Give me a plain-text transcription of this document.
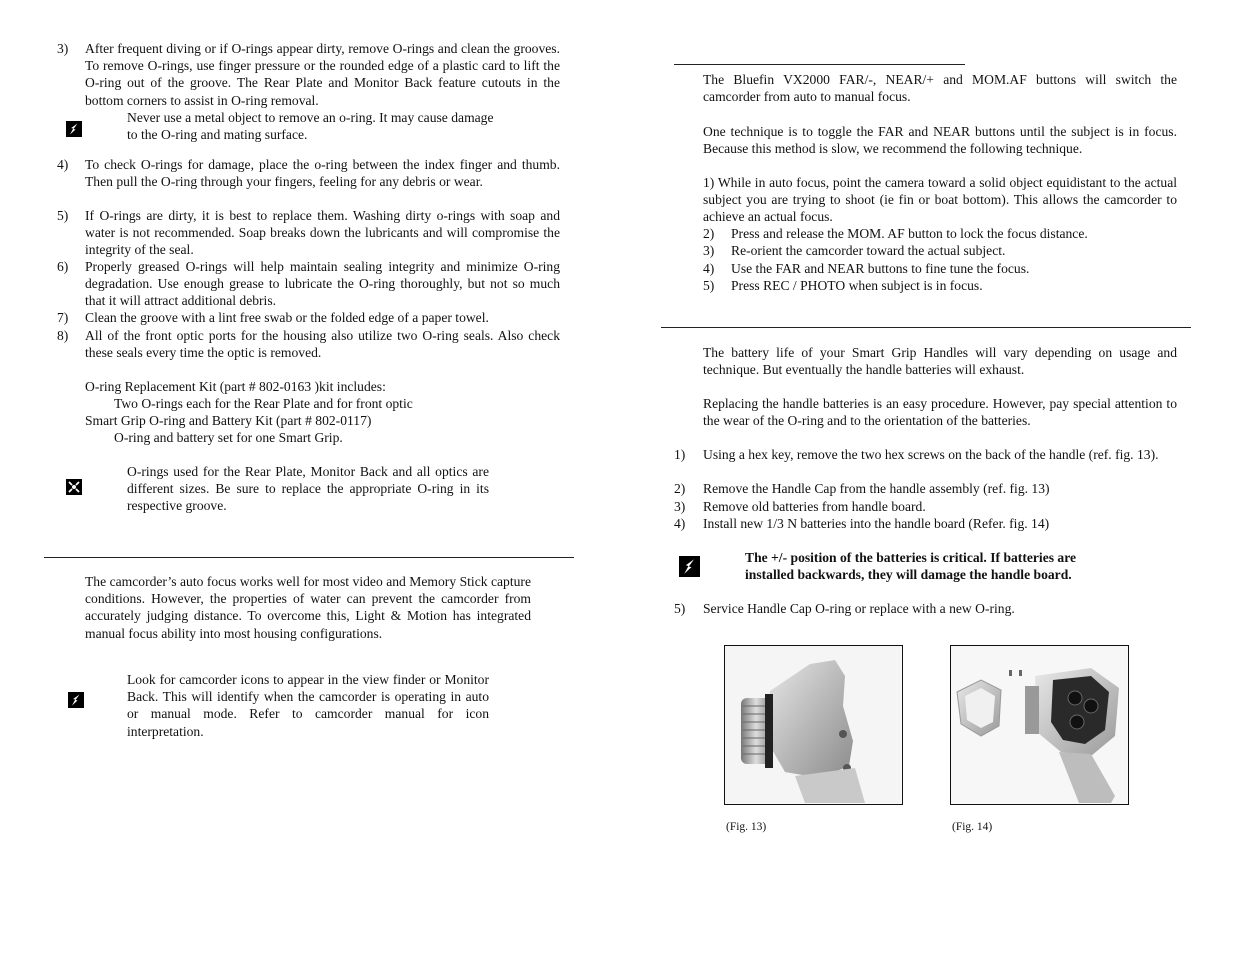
3) After frequent diving or if O-rings appear dirty, remove O-rings and clean the grooves. To remove O-rings, use finger pressure or the rounded edge of a plastic card to lift the O-ring out of the groove. The Rear Plate and Monitor Back feature cutouts in the bottom corners to assist in O-ring removal.
Never use a metal object to remove an o-ring. It may cause damage to the O-ring and mating surface.
4) To check O-rings for damage, place the o-ring between the index finger and thumb. Then pull the O-ring through your fingers, feeling for any debris or wear.
5) If O-rings are dirty, it is best to replace them. Washing dirty o-rings with soap and water is not recommended. Soap breaks down the lubricants and will compromise the integrity of the seal.
6) Properly greased O-rings will help maintain sealing integrity and minimize O-ring degradation. Use enough grease to lubricate the O-ring thoroughly, but not so much that it will attract additional debris.
7) Clean the groove with a lint free swab or the folded edge of a paper towel.
8) All of the front optic ports for the housing also utilize two O-ring seals. Also check these seals every time the optic is removed.
O-ring Replacement Kit (part # 802-0163 )kit includes:
Two O-rings each for the Rear Plate and for front optic
Smart Grip O-ring and Battery Kit (part # 802-0117)
O-ring and battery set for one Smart Grip.
O-rings used for the Rear Plate, Monitor Back and all optics are different sizes. Be sure to replace the appropriate O-ring in its respective groove.
The camcorder’s auto focus works well for most video and Memory Stick capture conditions. However, the properties of water can prevent the camcorder from accurately judging distance. To overcome this, Light & Motion has integrated manual focus ability into most housing configurations.
Look for camcorder icons to appear in the view finder or Monitor Back. This will identify when the camcorder is operating in auto or manual mode. Refer to camcorder manual for icon interpretation.
The Bluefin VX2000 FAR/-, NEAR/+ and MOM.AF buttons will switch the camcorder from auto to manual focus.
One technique is to toggle the FAR and NEAR buttons until the subject is in focus. Because this method is slow, we recommend the following technique.
1) While in auto focus, point the camera toward a solid object equidistant to the actual subject you are trying to shoot (ie fin or boat bottom). This allows the camcorder to achieve an actual focus.
2) Press and release the MOM. AF button to lock the focus distance.
3) Re-orient the camcorder toward the actual subject.
4) Use the FAR and NEAR buttons to fine tune the focus.
5) Press REC / PHOTO when subject is in focus.
The battery life of your Smart Grip Handles will vary depending on usage and technique. But eventually the handle batteries will exhaust.
Replacing the handle batteries is an easy procedure. However, pay special attention to the wear of the O-ring and to the orientation of the batteries.
1) Using a hex key, remove the two hex screws on the back of the handle (ref. fig. 13).
2) Remove the Handle Cap from the handle assembly (ref. fig. 13)
3) Remove old batteries from handle board.
4) Install new 1/3 N batteries into the handle board (Refer. fig. 14)
The +/- position of the batteries is critical. If batteries are installed backwards, they will damage the handle board.
5) Service Handle Cap O-ring or replace with a new O-ring.
(Fig. 13)	(Fig. 14)
